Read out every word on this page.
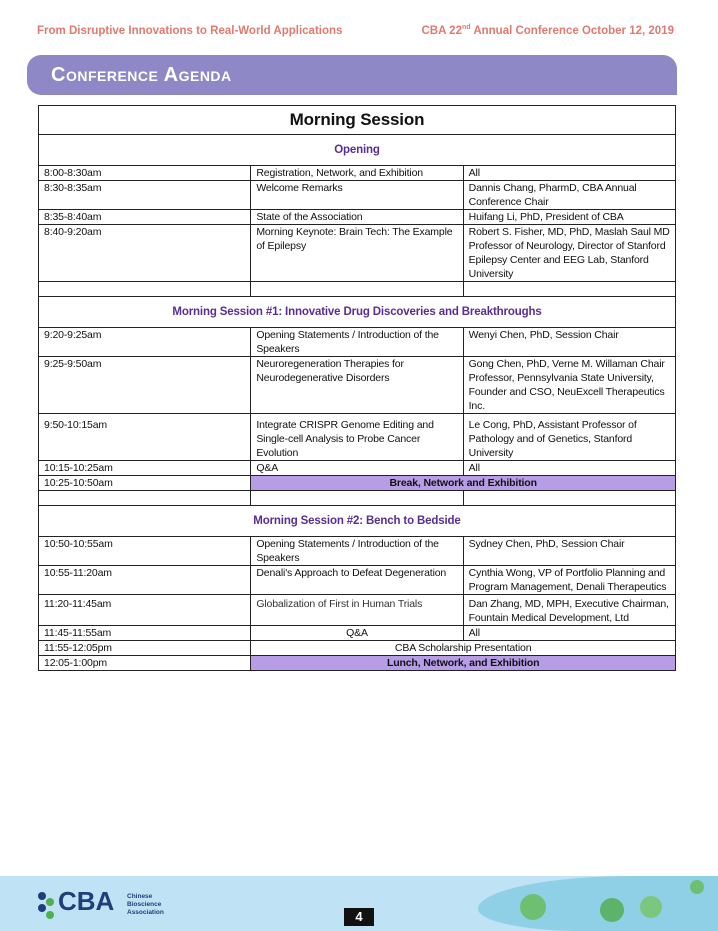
From Disruptive Innovations to Real-World Applications	CBA 22nd Annual Conference October 12, 2019
Conference Agenda
Morning Session		
Opening		
8:00-8:30am	Registration, Network, and Exhibition	All
8:30-8:35am	Welcome Remarks	Dannis Chang, PharmD, CBA Annual Conference Chair
8:35-8:40am	State of the Association	Huifang Li, PhD, President of CBA
8:40-9:20am	Morning Keynote: Brain Tech: The Example of Epilepsy	Robert S. Fisher, MD, PhD, Maslah Saul MD Professor of Neurology, Director of Stanford Epilepsy Center and EEG Lab, Stanford University

Morning Session #1: Innovative Drug Discoveries and Breakthroughs		
9:20-9:25am	Opening Statements / Introduction of the Speakers	Wenyi Chen, PhD, Session Chair
9:25-9:50am	Neuroregeneration Therapies for Neurodegenerative Disorders	Gong Chen, PhD, Verne M. Willaman Chair Professor, Pennsylvania State University, Founder and CSO, NeuExcell Therapeutics Inc.
9:50-10:15am	Integrate CRISPR Genome Editing and Single-cell Analysis to Probe Cancer Evolution	Le Cong, PhD, Assistant Professor of Pathology and of Genetics, Stanford University
10:15-10:25am	Q&A	All
10:25-10:50am	Break, Network and Exhibition	

Morning Session #2: Bench to Bedside		
10:50-10:55am	Opening Statements / Introduction of the Speakers	Sydney Chen, PhD, Session Chair
10:55-11:20am	Denali's Approach to Defeat Degeneration	Cynthia Wong, VP of Portfolio Planning and Program Management, Denali Therapeutics
11:20-11:45am	Globalization of First in Human Trials	Dan Zhang, MD, MPH, Executive Chairman, Fountain Medical Development, Ltd
11:45-11:55am	Q&A	All
11:55-12:05pm	CBA Scholarship Presentation	
12:05-1:00pm	Lunch, Network, and Exhibition	
CBA Chinese
Bioscience
Association	4
